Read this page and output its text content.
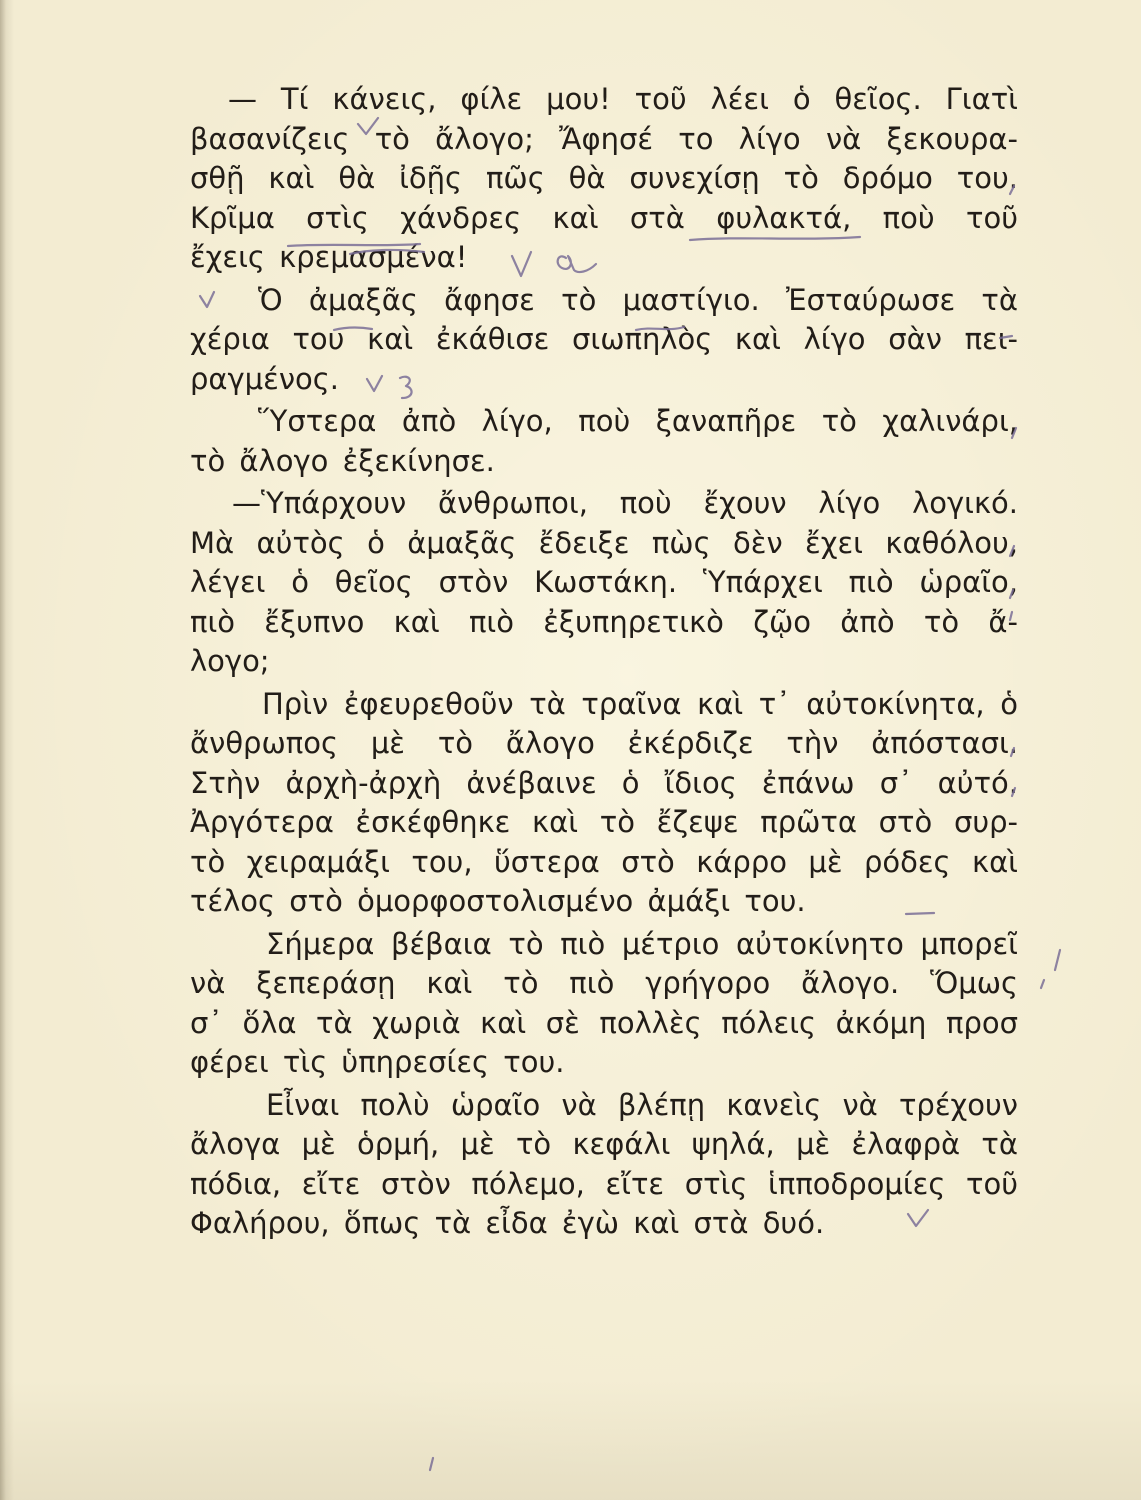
— Τί κάνεις, φίλε μου! τοῦ λέει ὁ θεῖος. Γιατὶ
βασανίζεις τὸ ἄλογο; Ἄφησέ το λίγο νὰ ξεκουρα-
σθῇ καὶ θὰ ἰδῇς πῶς θὰ συνεχίσῃ τὸ δρόμο του.
Κρῖμα στὶς χάνδρες καὶ στὰ φυλακτά, ποὺ τοῦ
ἔχεις κρεμασμένα!
Ὁ ἀμαξᾶς ἄφησε τὸ μαστίγιο. Ἐσταύρωσε τὰ
χέρια του καὶ ἐκάθισε σιωπηλὸς καὶ λίγο σὰν πει-
ραγμένος.
Ὕστερα ἀπὸ λίγο, ποὺ ξαναπῆρε τὸ χαλινάρι,
τὸ ἄλογο ἐξεκίνησε.
—Ὑπάρχουν ἄνθρωποι, ποὺ ἔχουν λίγο λογικό.
Μὰ αὐτὸς ὁ ἀμαξᾶς ἔδειξε πὼς δὲν ἔχει καθόλου,
λέγει ὁ θεῖος στὸν Κωστάκη. Ὑπάρχει πιὸ ὡραῖο,
πιὸ ἔξυπνο καὶ πιὸ ἐξυπηρετικὸ ζῷο ἀπὸ τὸ ἄ-
λογο;
Πρὶν ἐφευρεθοῦν τὰ τραῖνα καὶ τ᾽ αὐτοκίνητα, ὁ
ἄνθρωπος μὲ τὸ ἄλογο ἐκέρδιζε τὴν ἀπόστασι.
Στὴν ἀρχὴ-ἀρχὴ ἀνέβαινε ὁ ἴδιος ἐπάνω σ᾽ αὐτό.
Ἀργότερα ἐσκέφθηκε καὶ τὸ ἔζεψε πρῶτα στὸ συρ-
τὸ χειραμάξι του, ὕστερα στὸ κάρρο μὲ ρόδες καὶ
τέλος στὸ ὁμορφοστολισμένο ἀμάξι του.
Σήμερα βέβαια τὸ πιὸ μέτριο αὐτοκίνητο μπορεῖ
νὰ ξεπεράσῃ καὶ τὸ πιὸ γρήγορο ἄλογο. Ὅμως
σ᾽ ὅλα τὰ χωριὰ καὶ σὲ πολλὲς πόλεις ἀκόμη προσ
φέρει τὶς ὑπηρεσίες του.
Εἶναι πολὺ ὡραῖο νὰ βλέπῃ κανεὶς νὰ τρέχουν
ἄλογα μὲ ὁρμή, μὲ τὸ κεφάλι ψηλά, μὲ ἐλαφρὰ τὰ
πόδια, εἴτε στὸν πόλεμο, εἴτε στὶς ἱπποδρομίες τοῦ
Φαλήρου, ὅπως τὰ εἶδα ἐγὼ καὶ στὰ δυό.
